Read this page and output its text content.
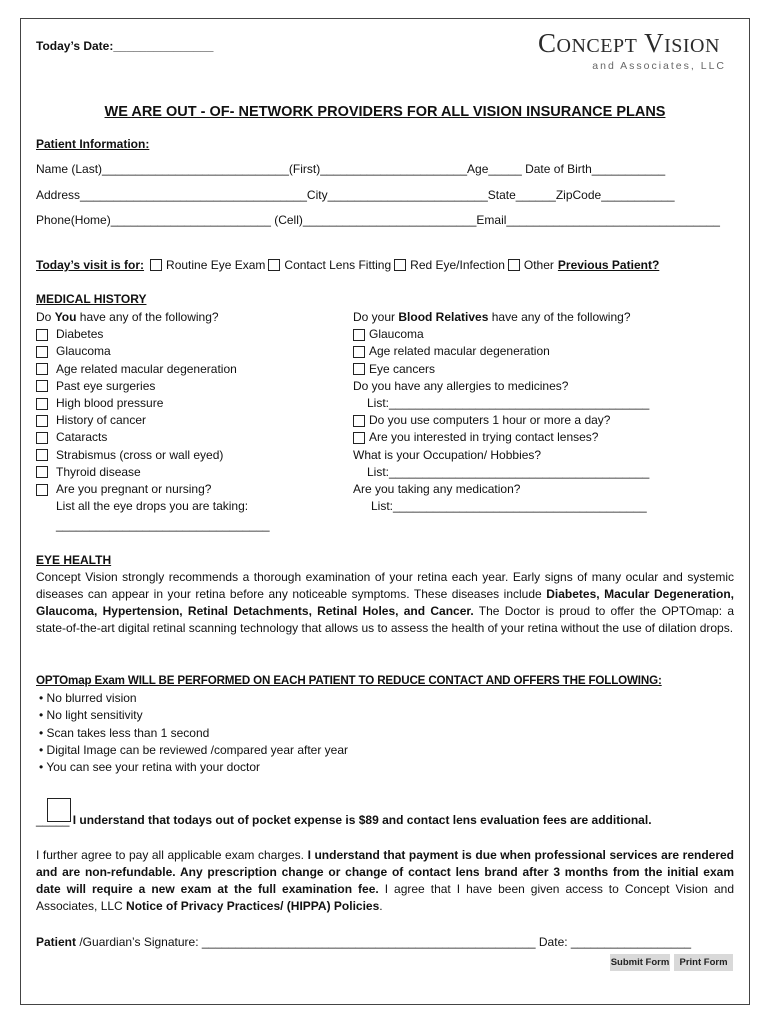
Today’s Date:_______________	CONCEPT VISION
and Associates, LLC
WE ARE OUT - OF- NETWORK PROVIDERS FOR ALL VISION INSURANCE PLANS
Patient Information:
Name (Last)____________________________(First)______________________Age_____ Date of Birth___________
Address__________________________________City________________________State______ZipCode___________
Phone(Home)________________________ (Cell)__________________________Email________________________________
Today’s visit is for: Routine Eye Exam Contact Lens Fitting Red Eye/Infection Other Previous Patient?
MEDICAL HISTORY
Do You have any of the following?
Diabetes
Glaucoma
Age related macular degeneration
Past eye surgeries
High blood pressure
History of cancer
Cataracts
Strabismus (cross or wall eyed)
Thyroid disease
Are you pregnant or nursing?
List all the eye drops you are taking:
________________________________
Do your Blood Relatives have any of the following?
Glaucoma
Age related macular degeneration
Eye cancers
Do you have any allergies to medicines?
List:_______________________________________
Do you use computers 1 hour or more a day?
Are you interested in trying contact lenses?
What is your Occupation/ Hobbies?
List:_______________________________________
Are you taking any medication?
List:______________________________________
EYE HEALTH
Concept Vision strongly recommends a thorough examination of your retina each year. Early signs of many ocular and systemic diseases can appear in your retina before any noticeable symptoms. These diseases include Diabetes, Macular Degeneration, Glaucoma, Hypertension, Retinal Detachments, Retinal Holes, and Cancer. The Doctor is proud to offer the OPTOmap: a state-of-the-art digital retinal scanning technology that allows us to assess the health of your retina without the use of dilation drops.
OPTOmap Exam WILL BE PERFORMED ON EACH PATIENT TO REDUCE CONTACT AND OFFERS THE FOLLOWING:
• No blurred vision
• No light sensitivity
• Scan takes less than 1 second
• Digital Image can be reviewed /compared year after year
• You can see your retina with your doctor
_____ I understand that todays out of pocket expense is $89 and contact lens evaluation fees are additional.
I further agree to pay all applicable exam charges. I understand that payment is due when professional services are rendered and are non-refundable. Any prescription change or change of contact lens brand after 3 months from the initial exam date will require a new exam at the full examination fee. I agree that I have been given access to Concept Vision and Associates, LLC Notice of Privacy Practices/ (HIPPA) Policies.
Patient /Guardian’s Signature: __________________________________________________ Date: __________________
Submit Form	Print Form
